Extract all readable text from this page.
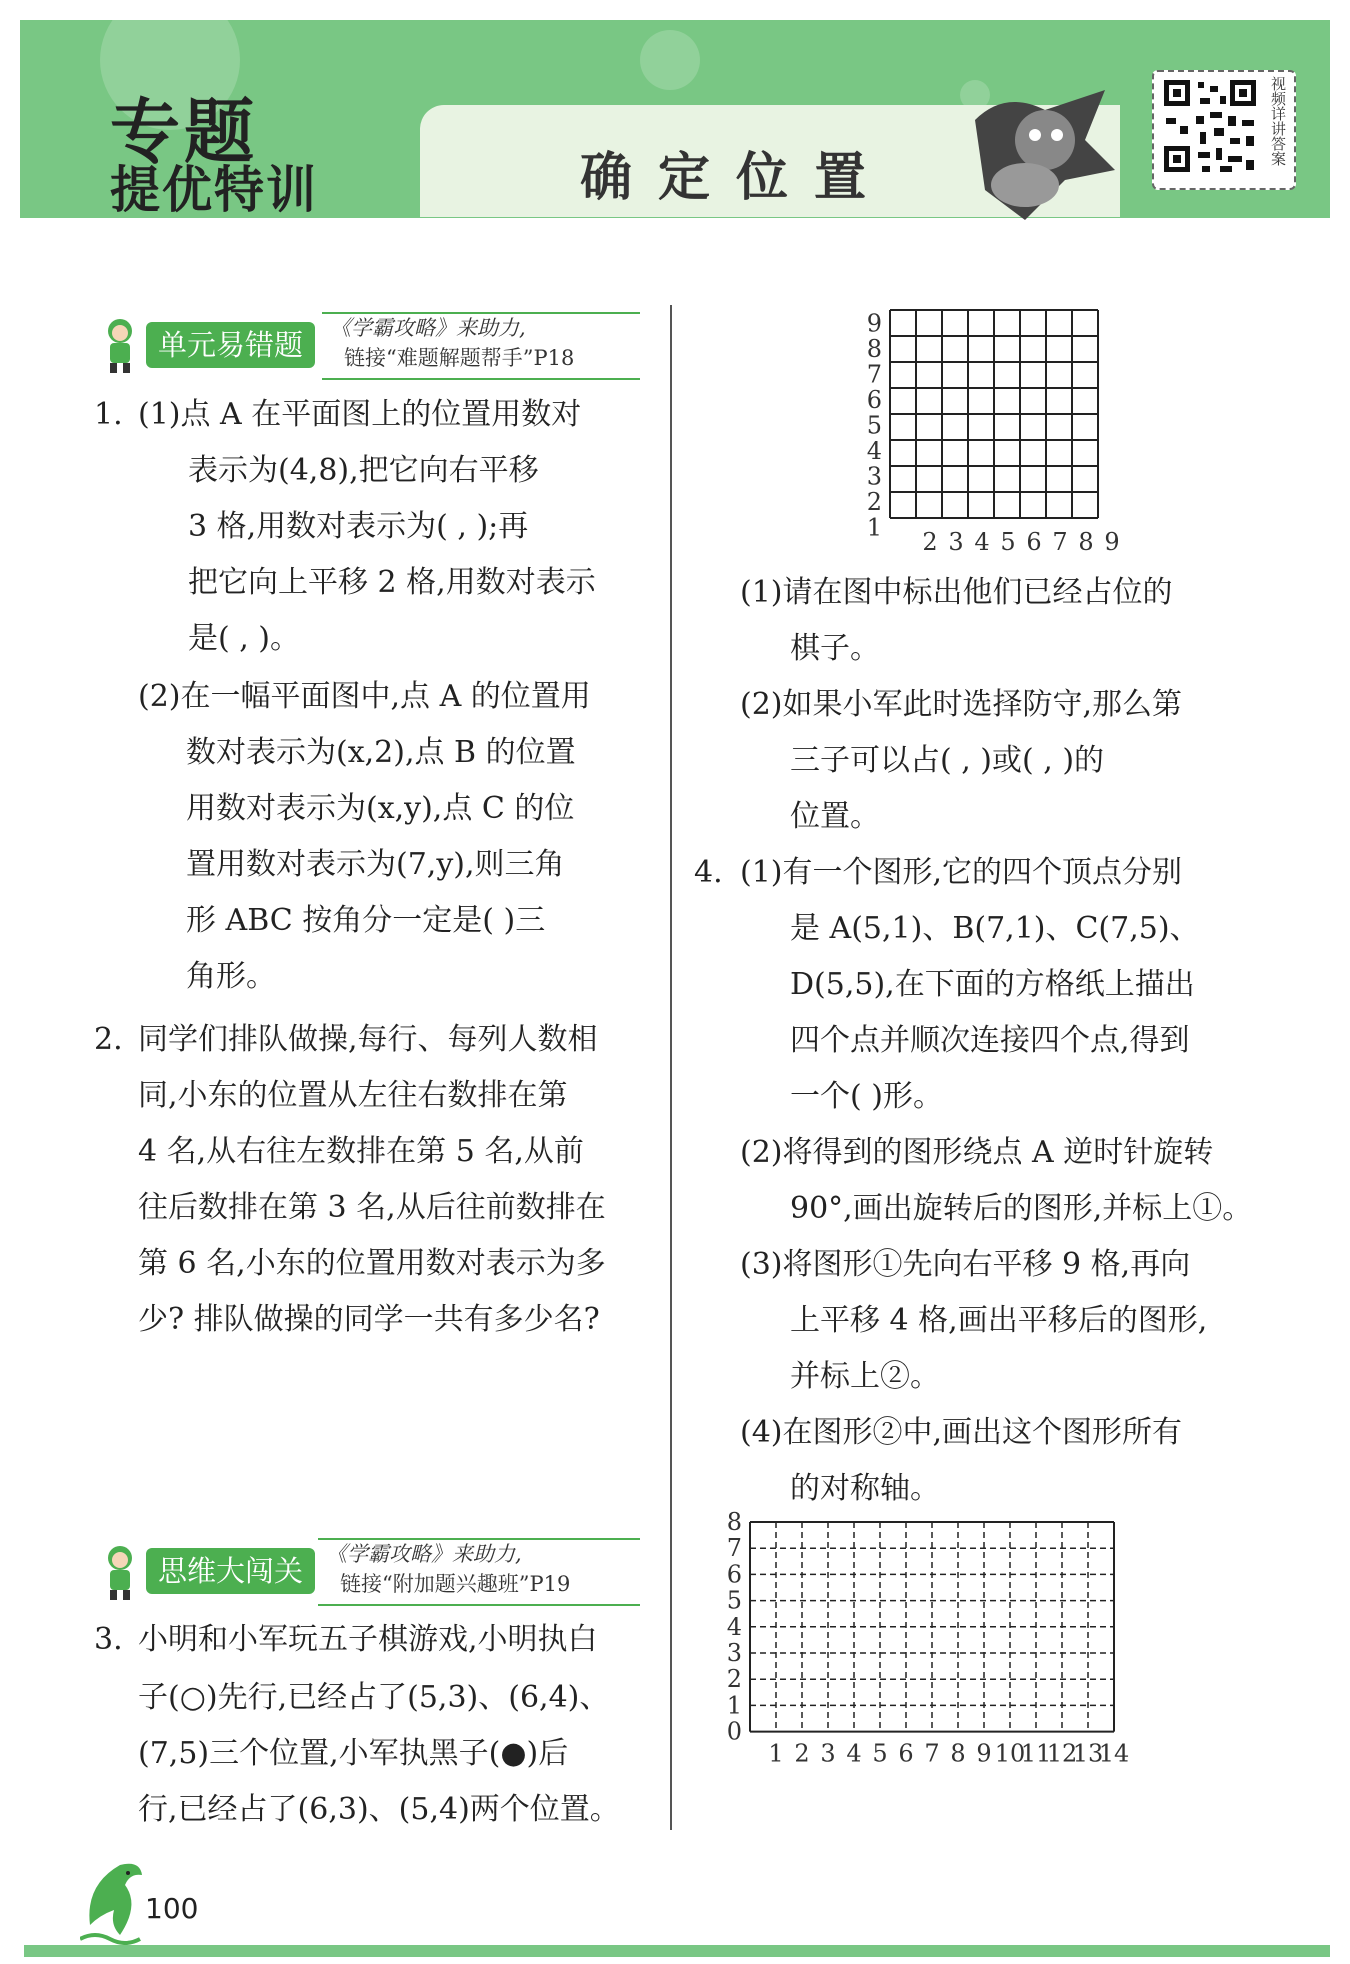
专题
提优特训	确定位置
视频详讲答案
单元易错题	《学霸攻略》来助力,
链接“难题解题帮手”P18
1. (1)点 A 在平面图上的位置用数对
表示为(4,8),把它向右平移
3 格,用数对表示为( , );再
把它向上平移 2 格,用数对表示
是( , )。
(2)在一幅平面图中,点 A 的位置用
数对表示为(x,2),点 B 的位置
用数对表示为(x,y),点 C 的位
置用数对表示为(7,y),则三角
形 ABC 按角分一定是( )三
角形。
2. 同学们排队做操,每行、每列人数相
同,小东的位置从左往右数排在第
4 名,从右往左数排在第 5 名,从前
往后数排在第 3 名,从后往前数排在
第 6 名,小东的位置用数对表示为多
少? 排队做操的同学一共有多少名?
思维大闯关	《学霸攻略》来助力,
链接“附加题兴趣班”P19
3. 小明和小军玩五子棋游戏,小明执白
子(○)先行,已经占了(5,3)、(6,4)、
(7,5)三个位置,小军执黑子(●)后
行,已经占了(6,3)、(5,4)两个位置。
1
2
3
4
5
6
7
8
9
2 3 4 5 6 7 8 9
(1)请在图中标出他们已经占位的
棋子。
(2)如果小军此时选择防守,那么第
三子可以占( , )或( , )的
位置。
4. (1)有一个图形,它的四个顶点分别
是 A(5,1)、B(7,1)、C(7,5)、
D(5,5),在下面的方格纸上描出
四个点并顺次连接四个点,得到
一个( )形。
(2)将得到的图形绕点 A 逆时针旋转
90°,画出旋转后的图形,并标上①。
(3)将图形①先向右平移 9 格,再向
上平移 4 格,画出平移后的图形,
并标上②。
(4)在图形②中,画出这个图形所有
的对称轴。
0
1
2
3
4
5
6
7
8
1 2 3 4 5 6 7 8 9 10
11
12
13
14
100
